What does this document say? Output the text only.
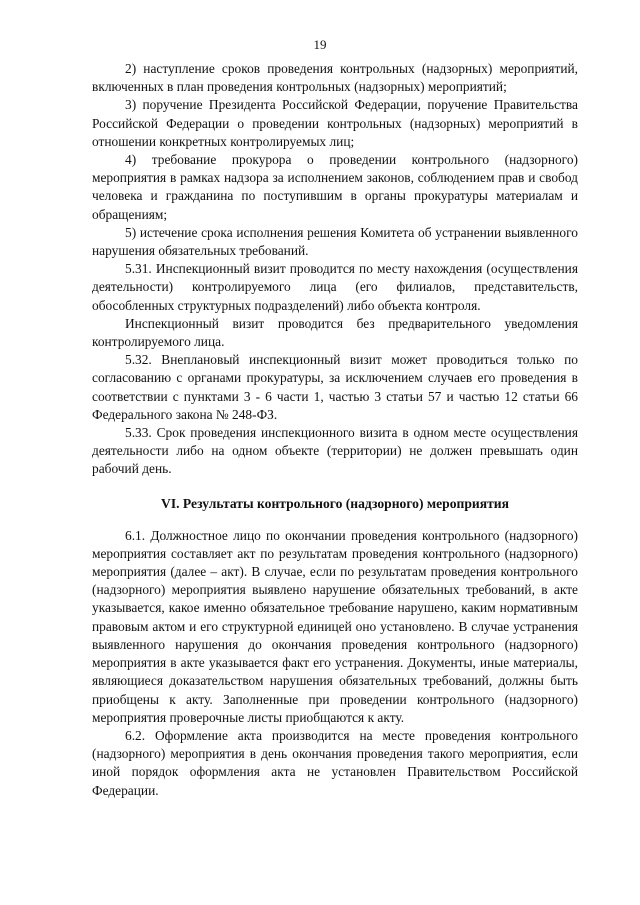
19

2) наступление сроков проведения контрольных (надзорных) мероприятий, включенных в план проведения контрольных (надзорных) мероприятий;

3) поручение Президента Российской Федерации, поручение Правительства Российской Федерации о проведении контрольных (надзорных) мероприятий в отношении конкретных контролируемых лиц;

4) требование прокурора о проведении контрольного (надзорного) мероприятия в рамках надзора за исполнением законов, соблюдением прав и свобод человека и гражданина по поступившим в органы прокуратуры материалам и обращениям;

5) истечение срока исполнения решения Комитета об устранении выявленного нарушения обязательных требований.

5.31. Инспекционный визит проводится по месту нахождения (осуществления деятельности) контролируемого лица (его филиалов, представительств, обособленных структурных подразделений) либо объекта контроля.

Инспекционный визит проводится без предварительного уведомления контролируемого лица.

5.32. Внеплановый инспекционный визит может проводиться только по согласованию с органами прокуратуры, за исключением случаев его проведения в соответствии с пунктами 3 - 6 части 1, частью 3 статьи 57 и частью 12 статьи 66 Федерального закона № 248-ФЗ.

5.33. Срок проведения инспекционного визита в одном месте осуществления деятельности либо на одном объекте (территории) не должен превышать один рабочий день.

VI. Результаты контрольного (надзорного) мероприятия

6.1. Должностное лицо по окончании проведения контрольного (надзорного) мероприятия составляет акт по результатам проведения контрольного (надзорного) мероприятия (далее – акт). В случае, если по результатам проведения контрольного (надзорного) мероприятия выявлено нарушение обязательных требований, в акте указывается, какое именно обязательное требование нарушено, каким нормативным правовым актом и его структурной единицей оно установлено. В случае устранения выявленного нарушения до окончания проведения контрольного (надзорного) мероприятия в акте указывается факт его устранения. Документы, иные материалы, являющиеся доказательством нарушения обязательных требований, должны быть приобщены к акту. Заполненные при проведении контрольного (надзорного) мероприятия проверочные листы приобщаются к акту.

6.2. Оформление акта производится на месте проведения контрольного (надзорного) мероприятия в день окончания проведения такого мероприятия, если иной порядок оформления акта не установлен Правительством Российской Федерации.
